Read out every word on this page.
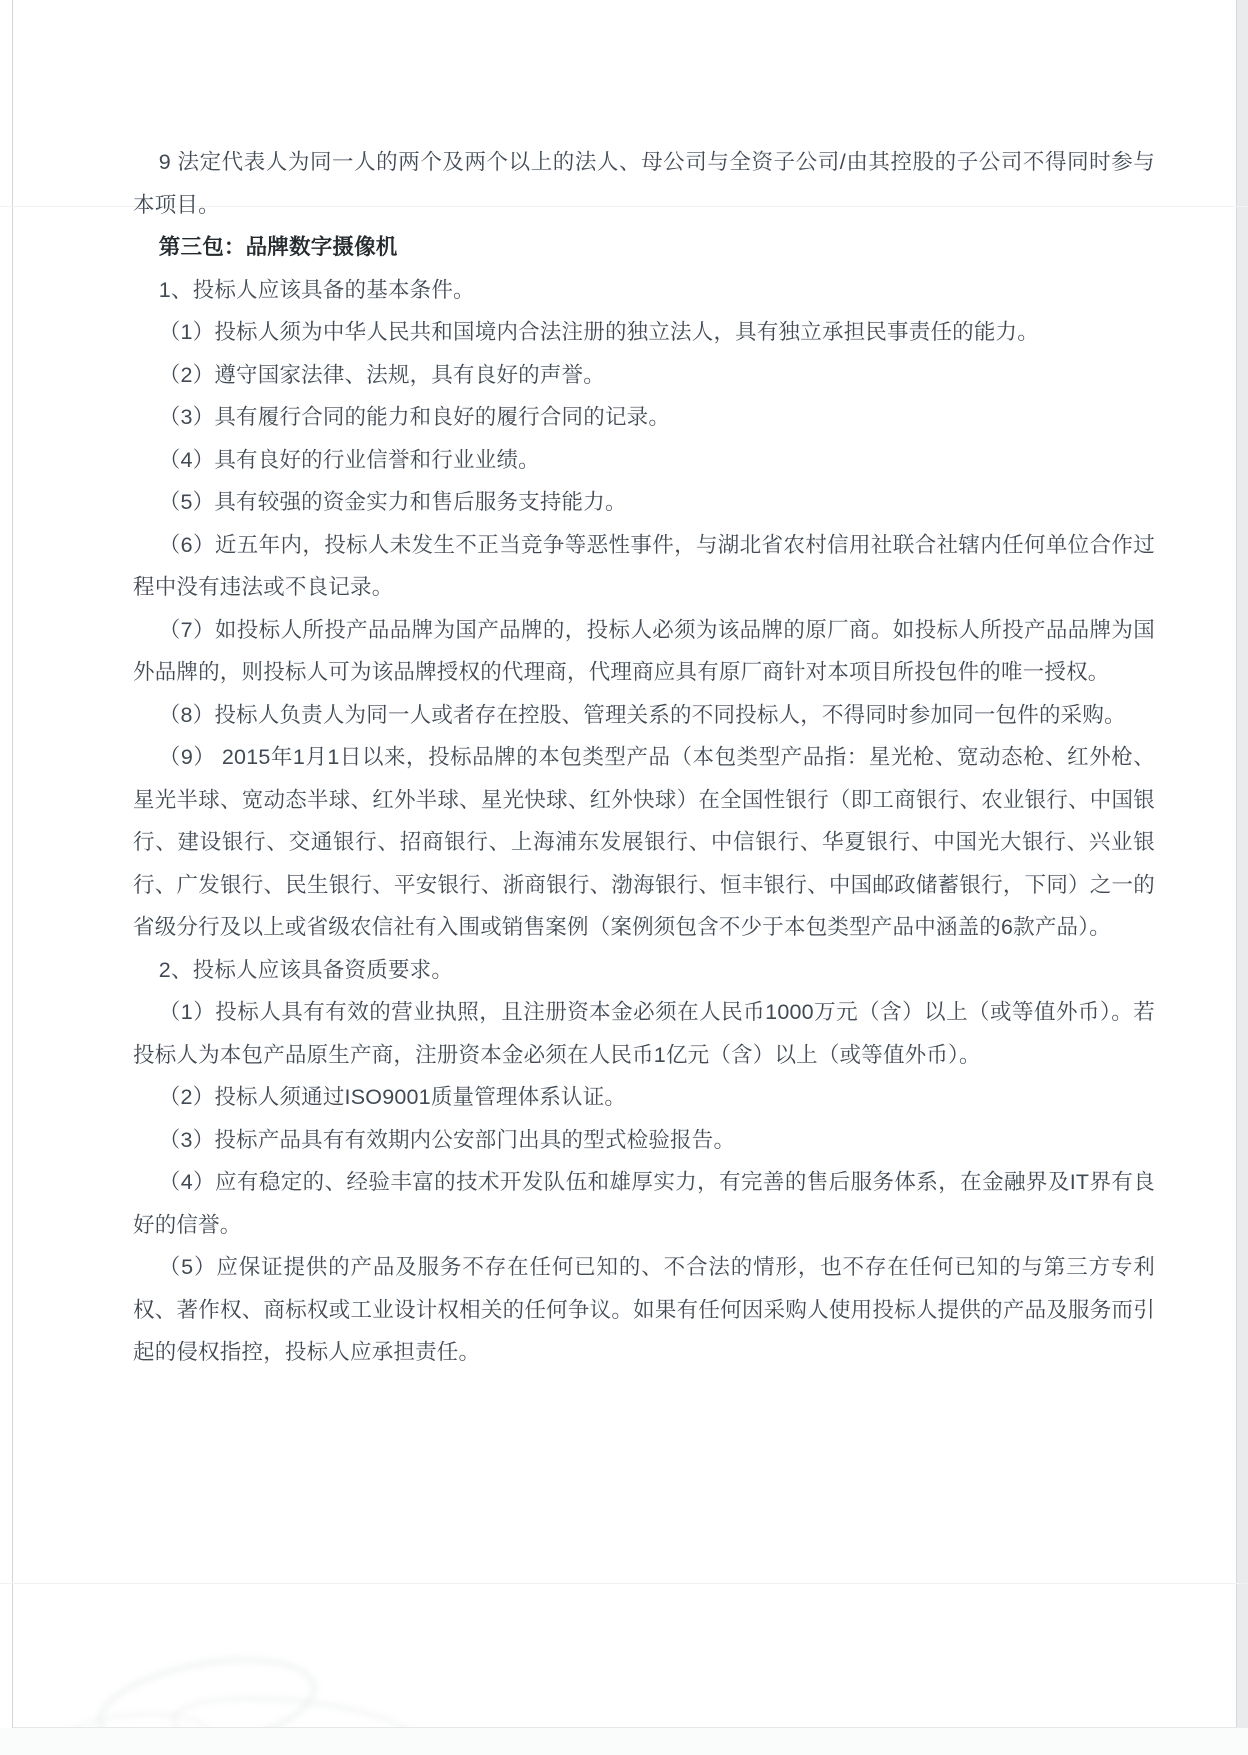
9 法定代表人为同一人的两个及两个以上的法人、母公司与全资子公司/由其控股的子公司不得同时参与本项目。

第三包：品牌数字摄像机

1、投标人应该具备的基本条件。

（1）投标人须为中华人民共和国境内合法注册的独立法人，具有独立承担民事责任的能力。

（2）遵守国家法律、法规，具有良好的声誉。

（3）具有履行合同的能力和良好的履行合同的记录。

（4）具有良好的行业信誉和行业业绩。

（5）具有较强的资金实力和售后服务支持能力。

（6）近五年内，投标人未发生不正当竞争等恶性事件，与湖北省农村信用社联合社辖内任何单位合作过程中没有违法或不良记录。

（7）如投标人所投产品品牌为国产品牌的，投标人必须为该品牌的原厂商。如投标人所投产品品牌为国外品牌的，则投标人可为该品牌授权的代理商，代理商应具有原厂商针对本项目所投包件的唯一授权。

（8）投标人负责人为同一人或者存在控股、管理关系的不同投标人，不得同时参加同一包件的采购。

（9） 2015年1月1日以来，投标品牌的本包类型产品（本包类型产品指：星光枪、宽动态枪、红外枪、星光半球、宽动态半球、红外半球、星光快球、红外快球）在全国性银行（即工商银行、农业银行、中国银行、建设银行、交通银行、招商银行、上海浦东发展银行、中信银行、华夏银行、中国光大银行、兴业银行、广发银行、民生银行、平安银行、浙商银行、渤海银行、恒丰银行、中国邮政储蓄银行，下同）之一的省级分行及以上或省级农信社有入围或销售案例（案例须包含不少于本包类型产品中涵盖的6款产品）。

2、投标人应该具备资质要求。

（1）投标人具有有效的营业执照，且注册资本金必须在人民币1000万元（含）以上（或等值外币）。若投标人为本包产品原生产商，注册资本金必须在人民币1亿元（含）以上（或等值外币）。

（2）投标人须通过ISO9001质量管理体系认证。

（3）投标产品具有有效期内公安部门出具的型式检验报告。

（4）应有稳定的、经验丰富的技术开发队伍和雄厚实力，有完善的售后服务体系，在金融界及IT界有良好的信誉。

（5）应保证提供的产品及服务不存在任何已知的、不合法的情形，也不存在任何已知的与第三方专利权、著作权、商标权或工业设计权相关的任何争议。如果有任何因采购人使用投标人提供的产品及服务而引起的侵权指控，投标人应承担责任。
